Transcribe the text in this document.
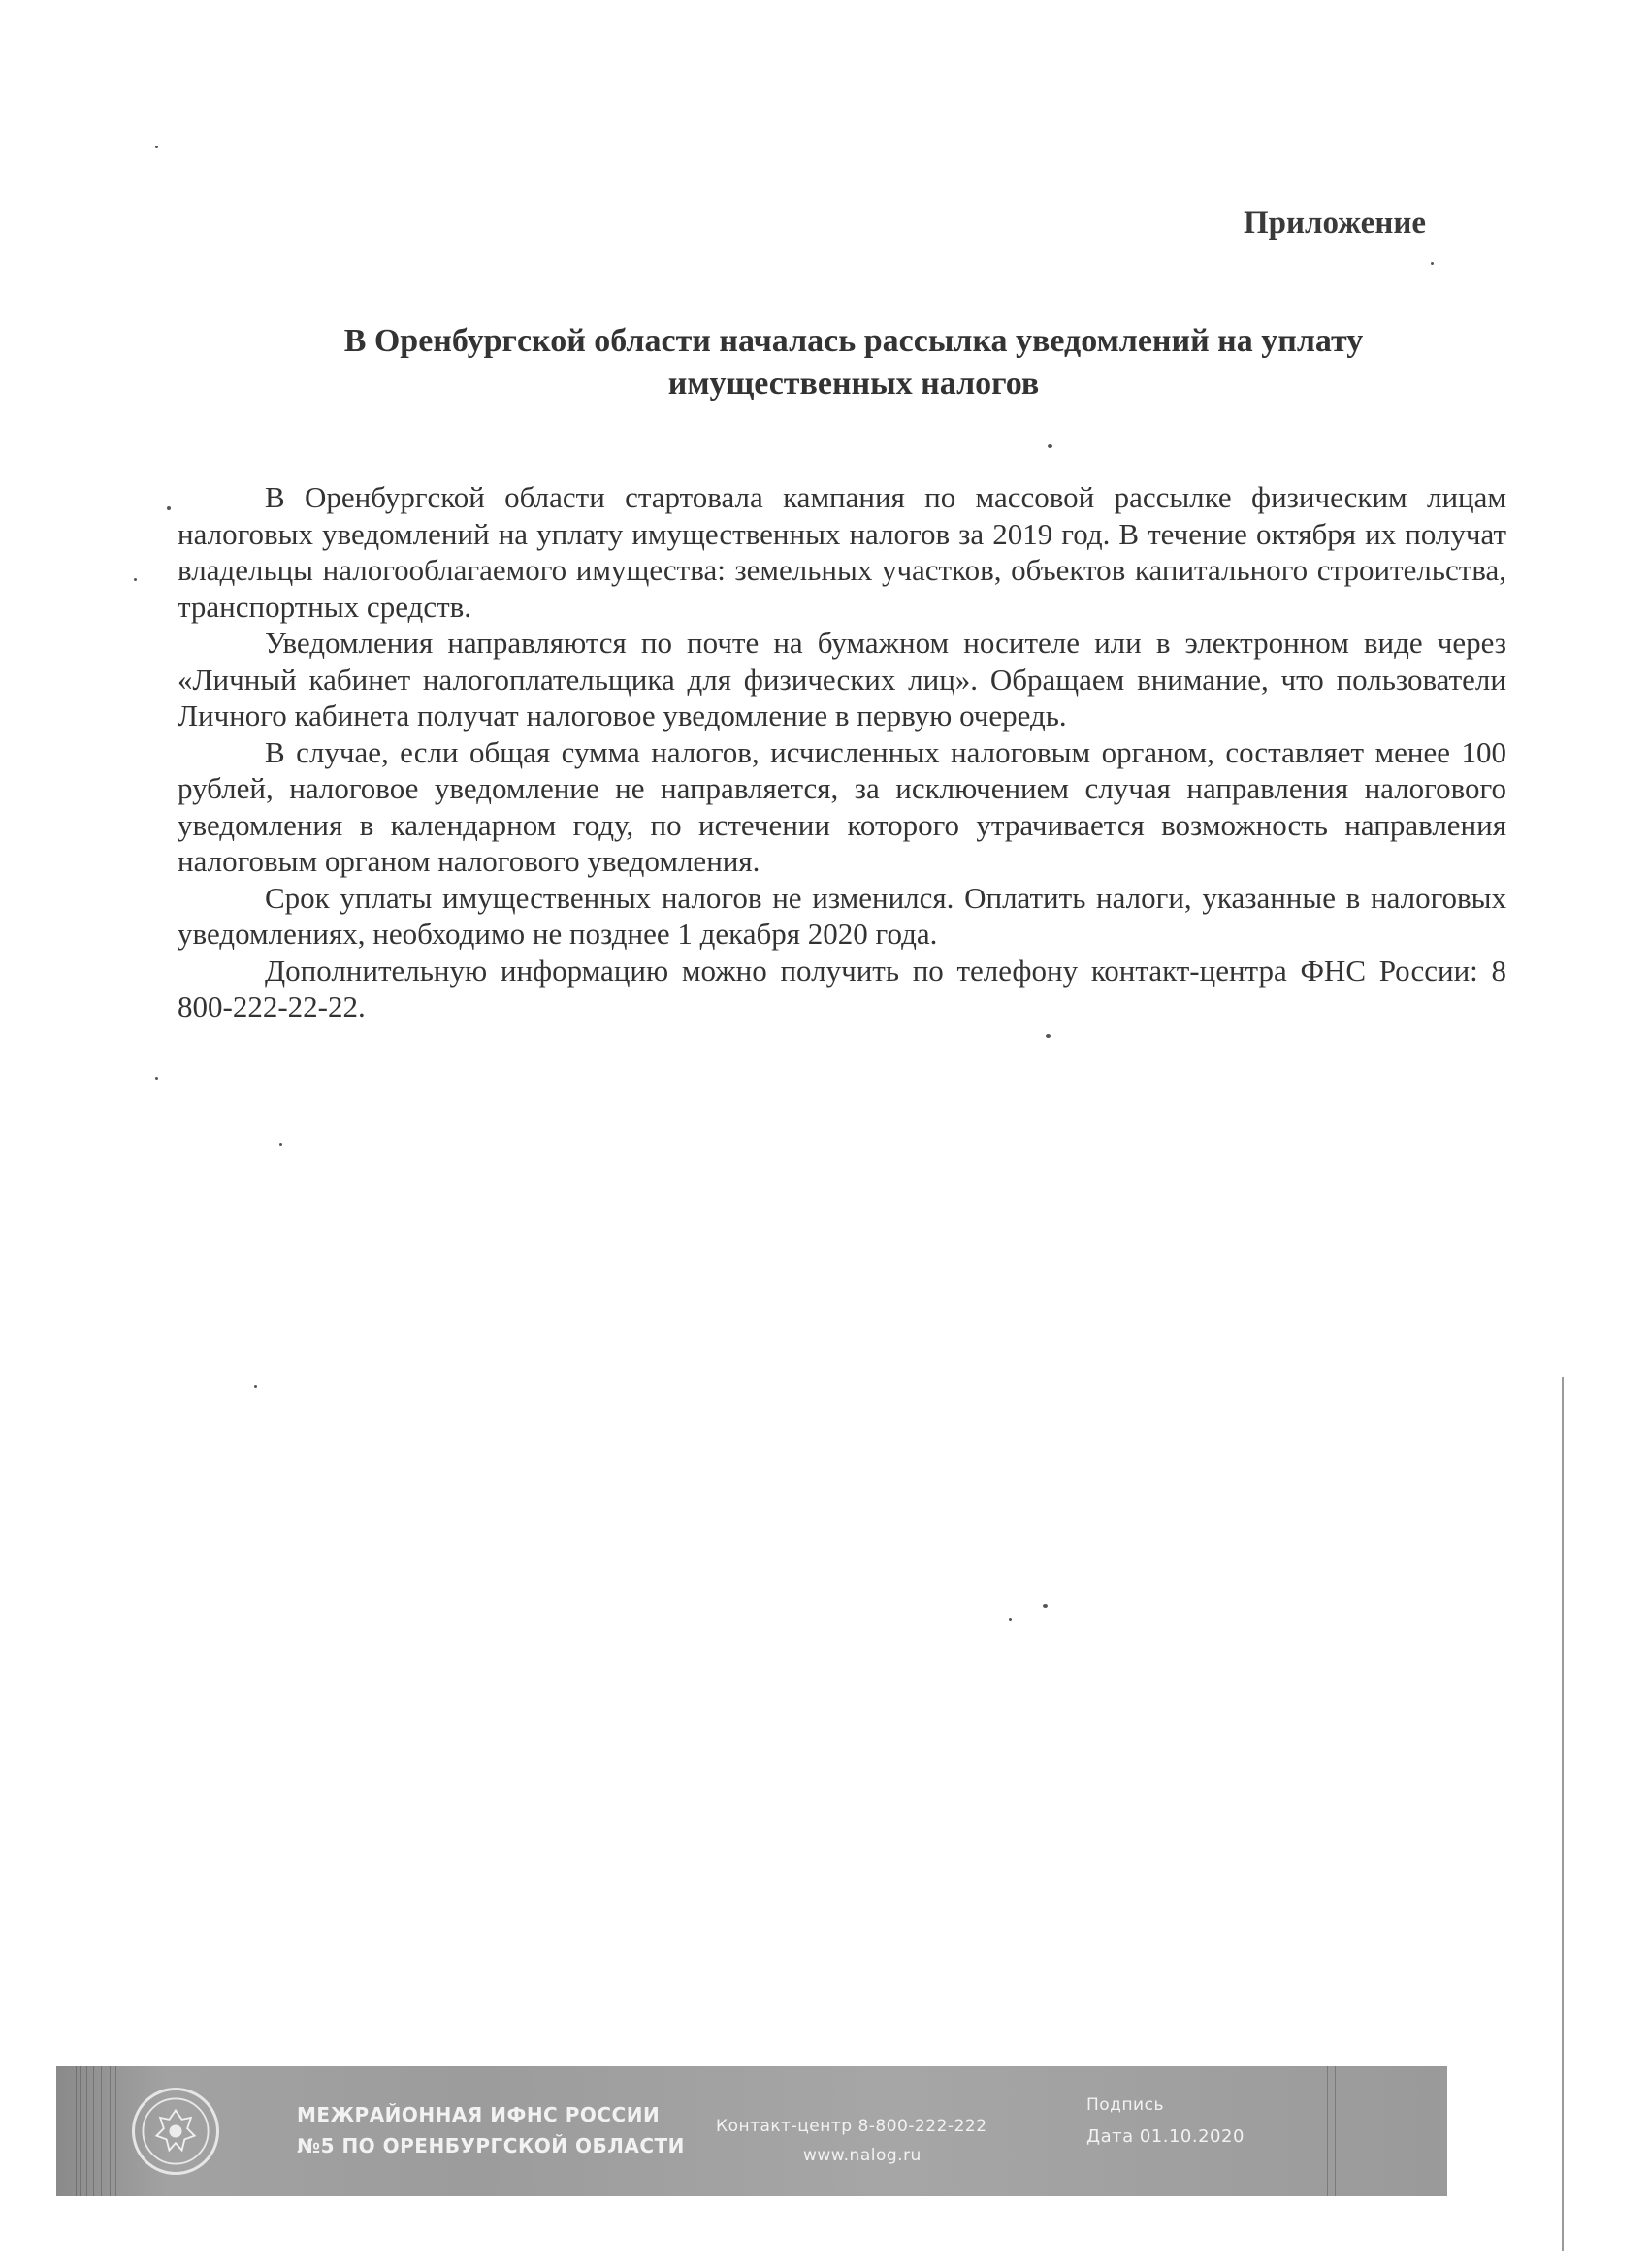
Приложение
В Оренбургской области началась рассылка уведомлений на уплату
имущественных налогов

В Оренбургской области стартовала кампания по массовой рассылке физическим лицам налоговых уведомлений на уплату имущественных налогов за 2019 год. В течение октября их получат владельцы налогооблагаемого имущества: земельных участков, объектов капитального строительства, транспортных средств.

Уведомления направляются по почте на бумажном носителе или в электронном виде через «Личный кабинет налогоплательщика для физических лиц». Обращаем внимание, что пользователи Личного кабинета получат налоговое уведомление в первую очередь.

В случае, если общая сумма налогов, исчисленных налоговым органом, составляет менее 100 рублей, налоговое уведомление не направляется, за исключением случая направления налогового уведомления в календарном году, по истечении которого утрачивается возможность направления налоговым органом налогового уведомления.

Срок уплаты имущественных налогов не изменился. Оплатить налоги, указанные в налоговых уведомлениях, необходимо не позднее 1 декабря 2020 года.

Дополнительную информацию можно получить по телефону контакт-центра ФНС России: 8 800-222-22-22.

МЕЖРАЙОННАЯ ИФНС РОССИИ
№5 ПО ОРЕНБУРГСКОЙ ОБЛАСТИ
Контакт-центр 8-800-222-222
www.nalog.ru
Подпись
Дата 01.10.2020
